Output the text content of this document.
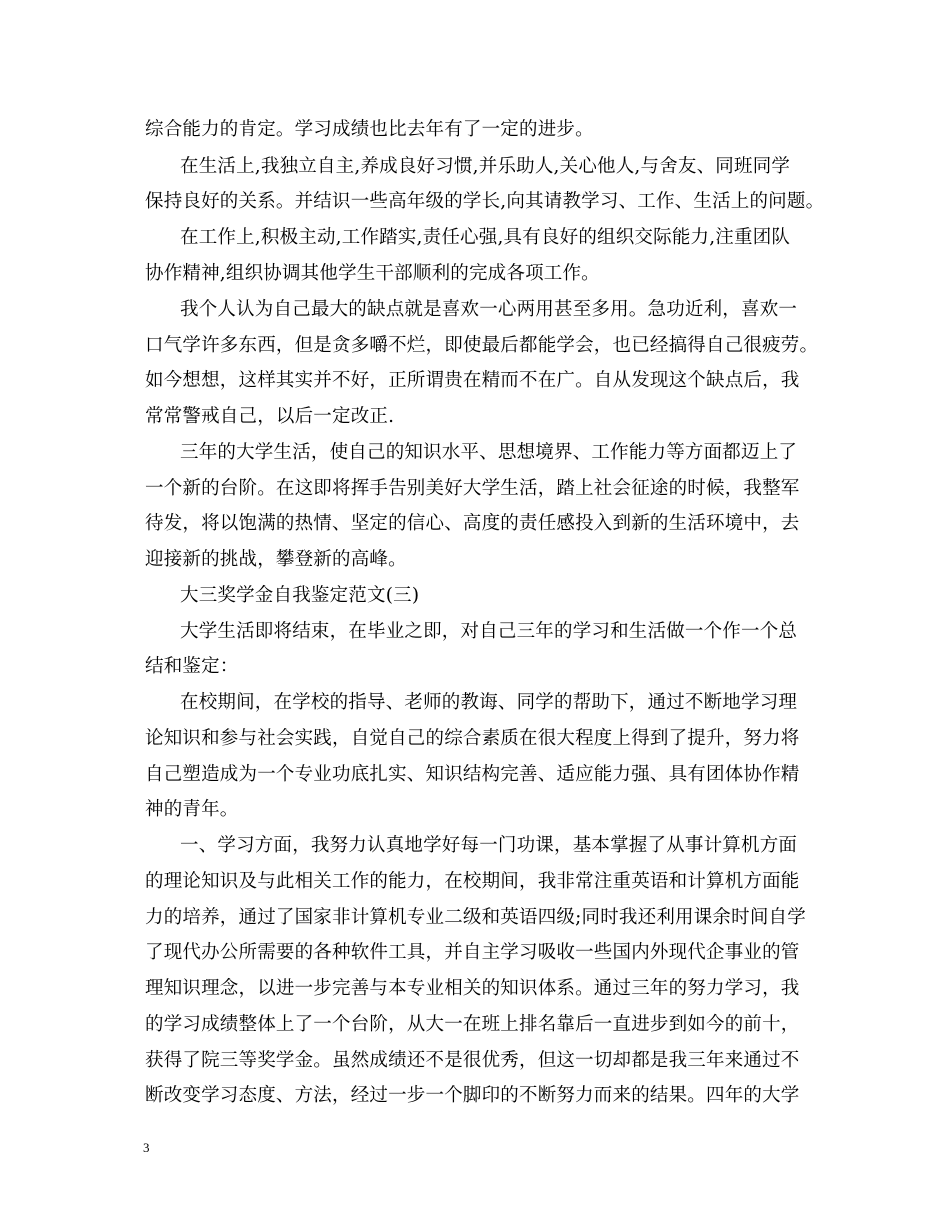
综合能力的肯定。学习成绩也比去年有了一定的进步。
在生活上,我独立自主,养成良好习惯,并乐助人,关心他人,与舍友、同班同学
保持良好的关系。并结识一些高年级的学长,向其请教学习、工作、生活上的问题。
在工作上,积极主动,工作踏实,责任心强,具有良好的组织交际能力,注重团队
协作精神,组织协调其他学生干部顺利的完成各项工作。
我个人认为自己最大的缺点就是喜欢一心两用甚至多用。急功近利，喜欢一
口气学许多东西，但是贪多嚼不烂，即使最后都能学会，也已经搞得自己很疲劳。
如今想想，这样其实并不好，正所谓贵在精而不在广。自从发现这个缺点后，我
常常警戒自己，以后一定改正.
三年的大学生活，使自己的知识水平、思想境界、工作能力等方面都迈上了
一个新的台阶。在这即将挥手告别美好大学生活，踏上社会征途的时候，我整军
待发，将以饱满的热情、坚定的信心、高度的责任感投入到新的生活环境中，去
迎接新的挑战，攀登新的高峰。
大三奖学金自我鉴定范文(三)
大学生活即将结束，在毕业之即，对自己三年的学习和生活做一个作一个总
结和鉴定：
在校期间，在学校的指导、老师的教诲、同学的帮助下，通过不断地学习理
论知识和参与社会实践，自觉自己的综合素质在很大程度上得到了提升，努力将
自己塑造成为一个专业功底扎实、知识结构完善、适应能力强、具有团体协作精
神的青年。
一、学习方面，我努力认真地学好每一门功课，基本掌握了从事计算机方面
的理论知识及与此相关工作的能力，在校期间，我非常注重英语和计算机方面能
力的培养，通过了国家非计算机专业二级和英语四级;同时我还利用课余时间自学
了现代办公所需要的各种软件工具，并自主学习吸收一些国内外现代企事业的管
理知识理念，以进一步完善与本专业相关的知识体系。通过三年的努力学习，我
的学习成绩整体上了一个台阶，从大一在班上排名靠后一直进步到如今的前十，
获得了院三等奖学金。虽然成绩还不是很优秀，但这一切却都是我三年来通过不
断改变学习态度、方法，经过一步一个脚印的不断努力而来的结果。四年的大学
3
